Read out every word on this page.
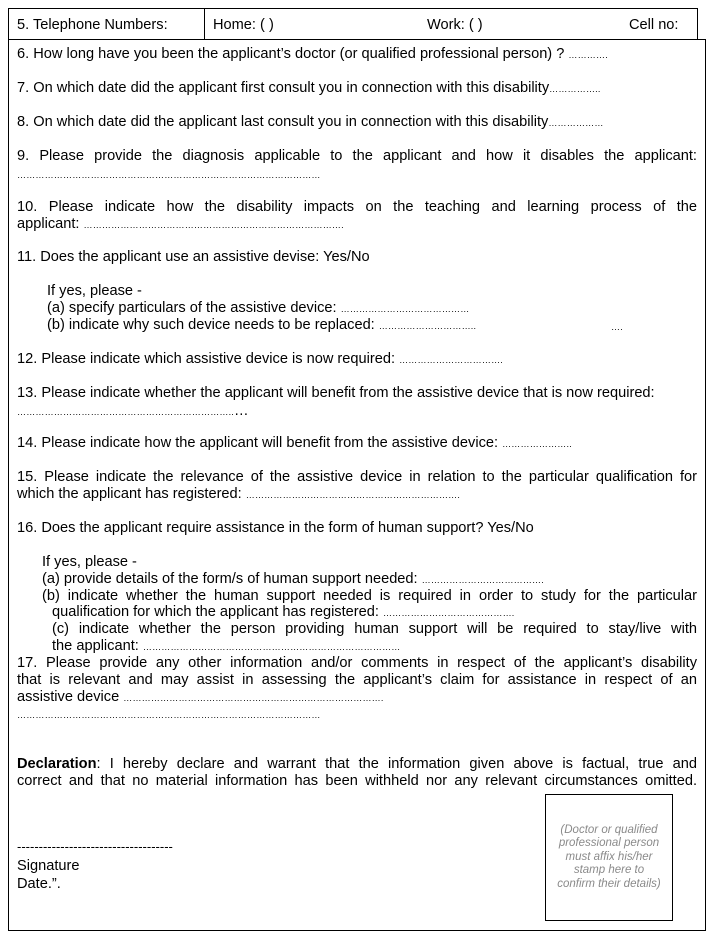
5. Telephone Numbers:	Home: ( )	Work: ( )	Cell no:
6. How long have you been the applicant’s doctor (or qualified professional person) ? ………….
7. On which date did the applicant first consult you in connection with this disability……………..
8. On which date did the applicant last consult you in connection with this disability………………
9. Please provide the diagnosis applicable to the applicant and how it disables the applicant:
………………………………………………………………………………………
10. Please indicate how the disability impacts on the teaching and learning process of the
applicant: ………………………………………………………………………….
11. Does the applicant use an assistive devise: Yes/No
If yes, please -
(a) specify particulars of the assistive device: ……………………………………
(b) indicate why such device needs to be replaced: …………………………..	….
12. Please indicate which assistive device is now required: …………………………….
13. Please indicate whether the applicant will benefit from the assistive device that is now required:
……………………………………………………………..…
14. Please indicate how the applicant will benefit from the assistive device: …………………..
15. Please indicate the relevance of the assistive device in relation to the particular qualification for
which the applicant has registered: …………………………………………………………….
16. Does the applicant require assistance in the form of human support? Yes/No
If yes, please -
(a) provide details of the form/s of human support needed: ………………………………….
(b) indicate whether the human support needed is required in order to study for the particular
qualification for which the applicant has registered: …………………………………….
(c) indicate whether the person providing human support will be required to stay/live with
the applicant: …………………………………………………………………………
17. Please provide any other information and/or comments in respect of the applicant’s disability
that is relevant and may assist in assessing the applicant’s claim for assistance in respect of an
assistive device ………………………………………………………………………….
………………………………………………………………………………………
Declaration: I hereby declare and warrant that the information given above is factual, true and
correct and that no material information has been withheld nor any relevant circumstances omitted.
------------------------------------
Signature
Date.”.
(Doctor or qualified professional person must affix his/her stamp here to confirm their details)
